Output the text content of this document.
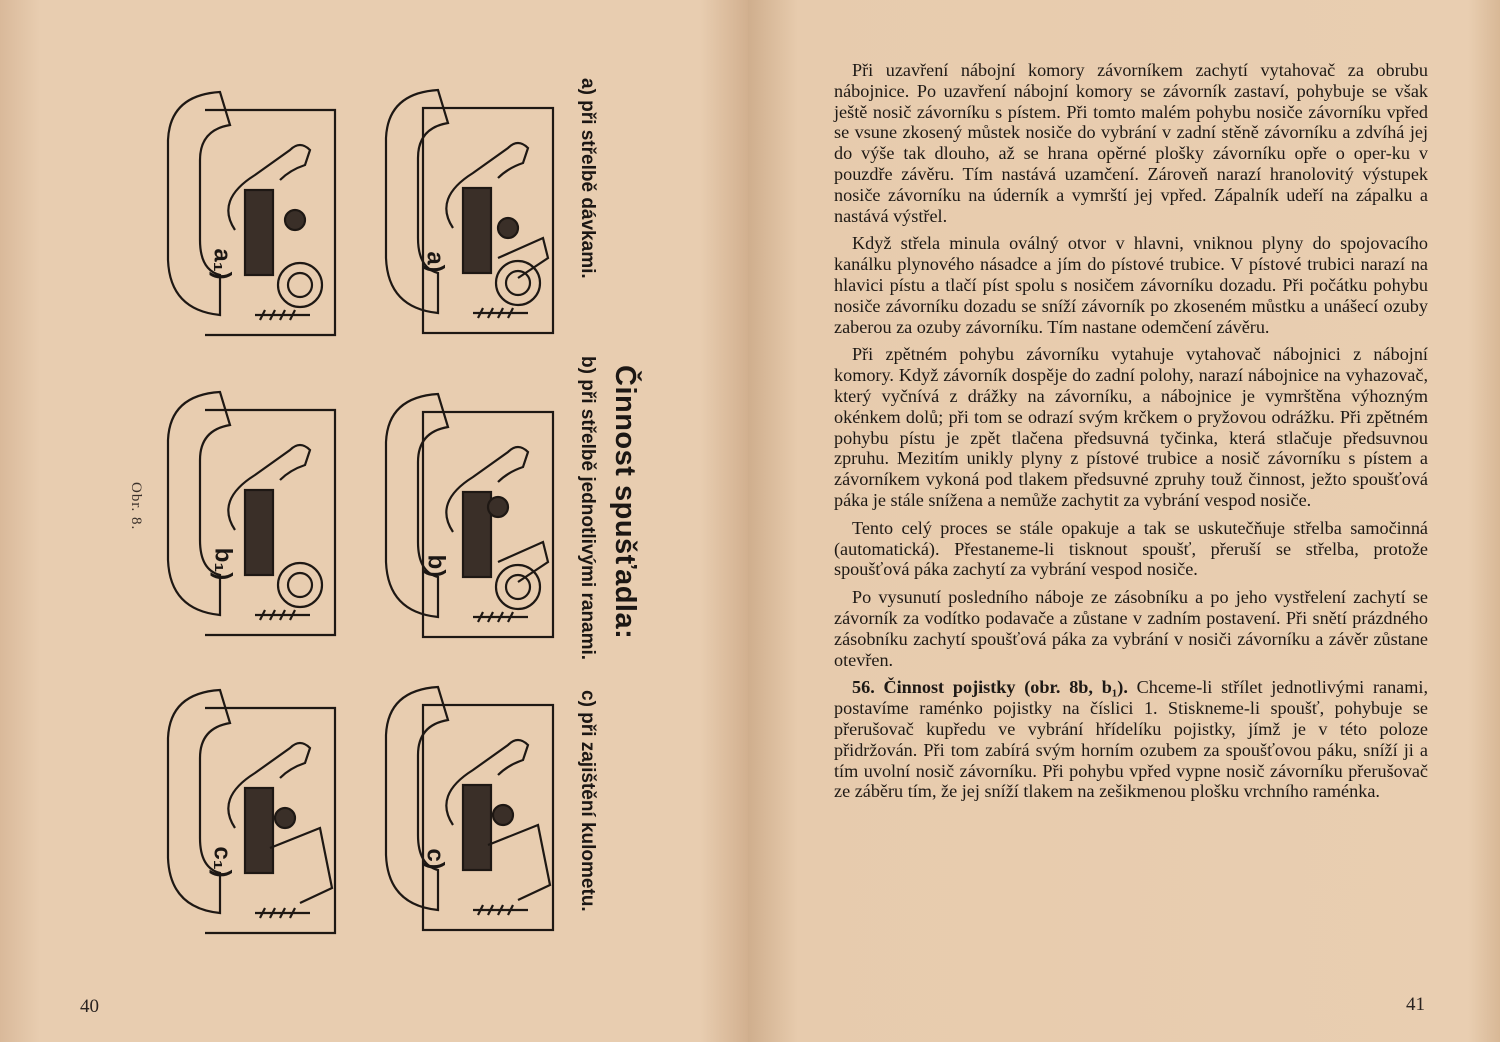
Činnost spušťadla:
a) při střelbě dávkami.
b) při střelbě jednotlivými ranami.
c) při zajištění kulometu.
Obr. 8.
a)
b)
c)
a₁)
b₁)
c₁)
40	41

Při uzavření nábojní komory závorníkem zachytí vytahovač za obrubu nábojnice. Po uzavření nábojní komory se závorník zastaví, pohybuje se však ještě nosič závorníku s pístem. Při tomto malém pohybu nosiče závorníku vpřed se vsune zkosený můstek nosiče do vybrání v zadní stěně závorníku a zdvíhá jej do výše tak dlouho, až se hrana opěrné plošky závorníku opře o oper-ku v pouzdře závěru. Tím nastává uzamčení. Zároveň narazí hranolovitý výstupek nosiče závorníku na úderník a vymrští jej vpřed. Zápalník udeří na zápalku a nastává výstřel.

Když střela minula oválný otvor v hlavni, vniknou plyny do spojovacího kanálku plynového násadce a jím do pístové trubice. V pístové trubici narazí na hlavici pístu a tlačí píst spolu s nosičem závorníku dozadu. Při počátku pohybu nosiče závorníku dozadu se sníží závorník po zkoseném můstku a unášecí ozuby zaberou za ozuby závorníku. Tím nastane odemčení závěru.

Při zpětném pohybu závorníku vytahuje vytahovač nábojnici z nábojní komory. Když závorník dospěje do zadní polohy, narazí nábojnice na vyhazovač, který vyčnívá z drážky na závorníku, a nábojnice je vymrštěna výhozným okénkem dolů; při tom se odrazí svým krčkem o pryžovou odrážku. Při zpětném pohybu pístu je zpět tlačena předsuvná tyčinka, která stlačuje předsuvnou zpruhu. Mezitím unikly plyny z pístové trubice a nosič závorníku s pístem a závorníkem vykoná pod tlakem předsuvné zpruhy touž činnost, ježto spoušťová páka je stále snížena a nemůže zachytit za vybrání vespod nosiče.

Tento celý proces se stále opakuje a tak se uskutečňuje střelba samočinná (automatická). Přestaneme-li tisknout spoušť, přeruší se střelba, protože spoušťová páka zachytí za vybrání vespod nosiče.

Po vysunutí posledního náboje ze zásobníku a po jeho vystřelení zachytí se závorník za vodítko podavače a zůstane v zadním postavení. Při snětí prázdného zásobníku zachytí spoušťová páka za vybrání v nosiči závorníku a závěr zůstane otevřen.

56. Činnost pojistky (obr. 8b, b₁). Chceme-li střílet jednotlivými ranami, postavíme raménko pojistky na číslici 1. Stiskneme-li spoušť, pohybuje se přerušovač kupředu ve vybrání hřídelíku pojistky, jímž je v této poloze přidržován. Při tom zabírá svým horním ozubem za spoušťovou páku, sníží ji a tím uvolní nosič závorníku. Při pohybu vpřed vypne nosič závorníku přerušovač ze záběru tím, že jej sníží tlakem na zešikmenou plošku vrchního raménka.
